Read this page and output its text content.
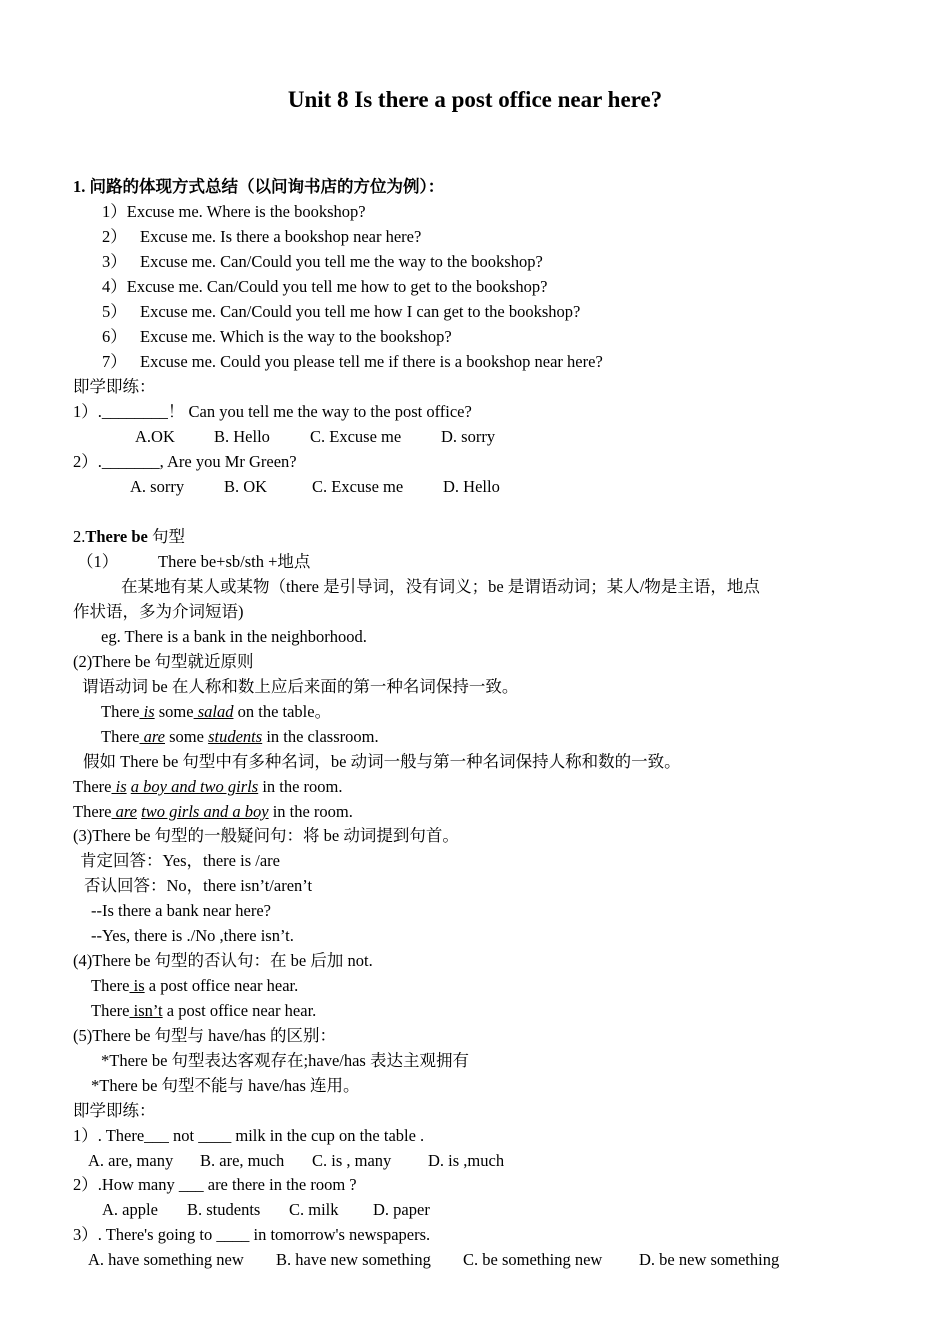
Unit 8 Is there a post office near here?
1. 问路的体现方式总结（以问询书店的方位为例）：
1）Excuse me. Where is the bookshop?
2） Excuse me. Is there a bookshop near here?
3） Excuse me. Can/Could you tell me the way to the bookshop?
4）Excuse me. Can/Could you tell me how to get to the bookshop?
5） Excuse me. Can/Could you tell me how I can get to the bookshop?
6） Excuse me. Which is the way to the bookshop?
7） Excuse me. Could you please tell me if there is a bookshop near here?
即学即练：
1）.________！ Can you tell me the way to the post office?
A.OK B. Hello C. Excuse me D. sorry
2）._______, Are you Mr Green?
A. sorry B. OK	C. Excuse me D. Hello
2.There be 句型
（1） There be+sb/sth +地点
在某地有某人或某物（there 是引导词，没有词义；be 是谓语动词；某人/物是主语，地点
作状语，多为介词短语)
eg. There is a bank in the neighborhood.
(2)There be 句型就近原则
谓语动词 be 在人称和数上应后来面的第一种名词保持一致。
There is some salad on the table。
There are some students in the classroom.
假如 There be 句型中有多种名词，be 动词一般与第一种名词保持人称和数的一致。
There is a boy and two girls in the room.
There are two girls and a boy in the room.
(3)There be 句型的一般疑问句：将 be 动词提到句首。
肯定回答：Yes，there is /are
否认回答：No，there isn’t/aren’t
--Is there a bank near here?
--Yes, there is ./No ,there isn’t.
(4)There be 句型的否认句：在 be 后加 not.
There is a post office near hear.
There isn’t a post office near hear.
(5)There be 句型与 have/has 的区别：
*There be 句型表达客观存在;have/has 表达主观拥有
*There be 句型不能与 have/has 连用。
即学即练：
1）. There___ not ____ milk in the cup on the table .
A. are, many B. are, much C. is , many D. is ,much
2）.How many ___ are there in the room ?
A. apple B. students C. milk D. paper
3）. There's going to ____ in tomorrow's newspapers.
A. have something new B. have new something C. be something new D. be new something
